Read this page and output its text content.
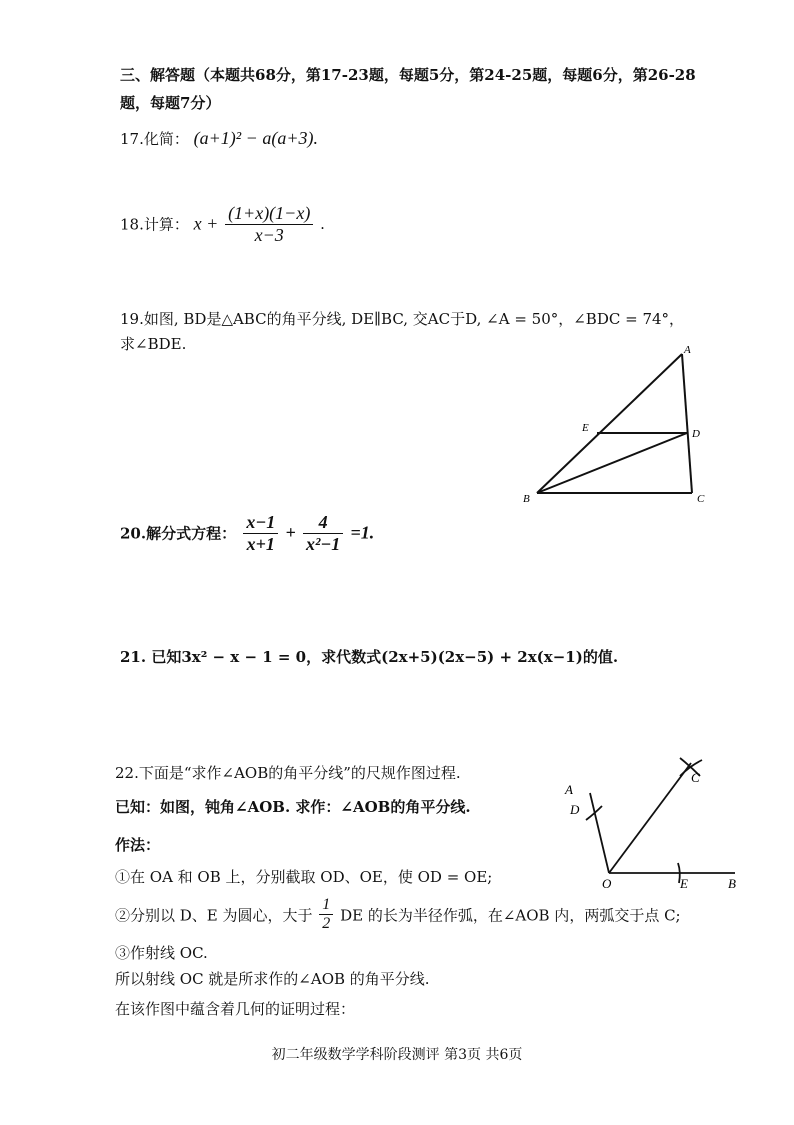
三、解答题（本题共68分，第17-23题，每题5分，第24-25题，每题6分，第26-28
题，每题7分）
17.化简： (a+1)² − a(a+3).
18.计算： $x + \frac{(1+x)(1-x)}{x-3}$ .
19.如图, BD是△ABC的角平分线, DE∥BC, 交AC于D, ∠A = 50°，∠BDC = 74°，
求∠BDE.	A
B	C
D
E
20.解分式方程： $\frac{x-1}{x+1} + \frac{4}{\text{x²−1}} =1$.
21. 已知3x² − x − 1 = 0，求代数式(2x+5)(2x−5) + 2x(x−1)的值.
22.下面是“求作∠AOB的角平分线”的尺规作图过程.
已知：如图，钝角∠AOB. 求作：∠AOB的角平分线.
作法：
①在 OA 和 OB 上，分别截取 OD、OE，使 OD = OE;
②分别以 D、E 为圆心，大于 $\frac{1}{2}$ DE 的长为半径作弧，在∠AOB 内，两弧交于点 C;
③作射线 OC.
所以射线 OC 就是所求作的∠AOB 的角平分线.
在该作图中蕴含着几何的证明过程：
A
D
O	E	B
C
初二年级数学学科阶段测评 第3页 共6页
